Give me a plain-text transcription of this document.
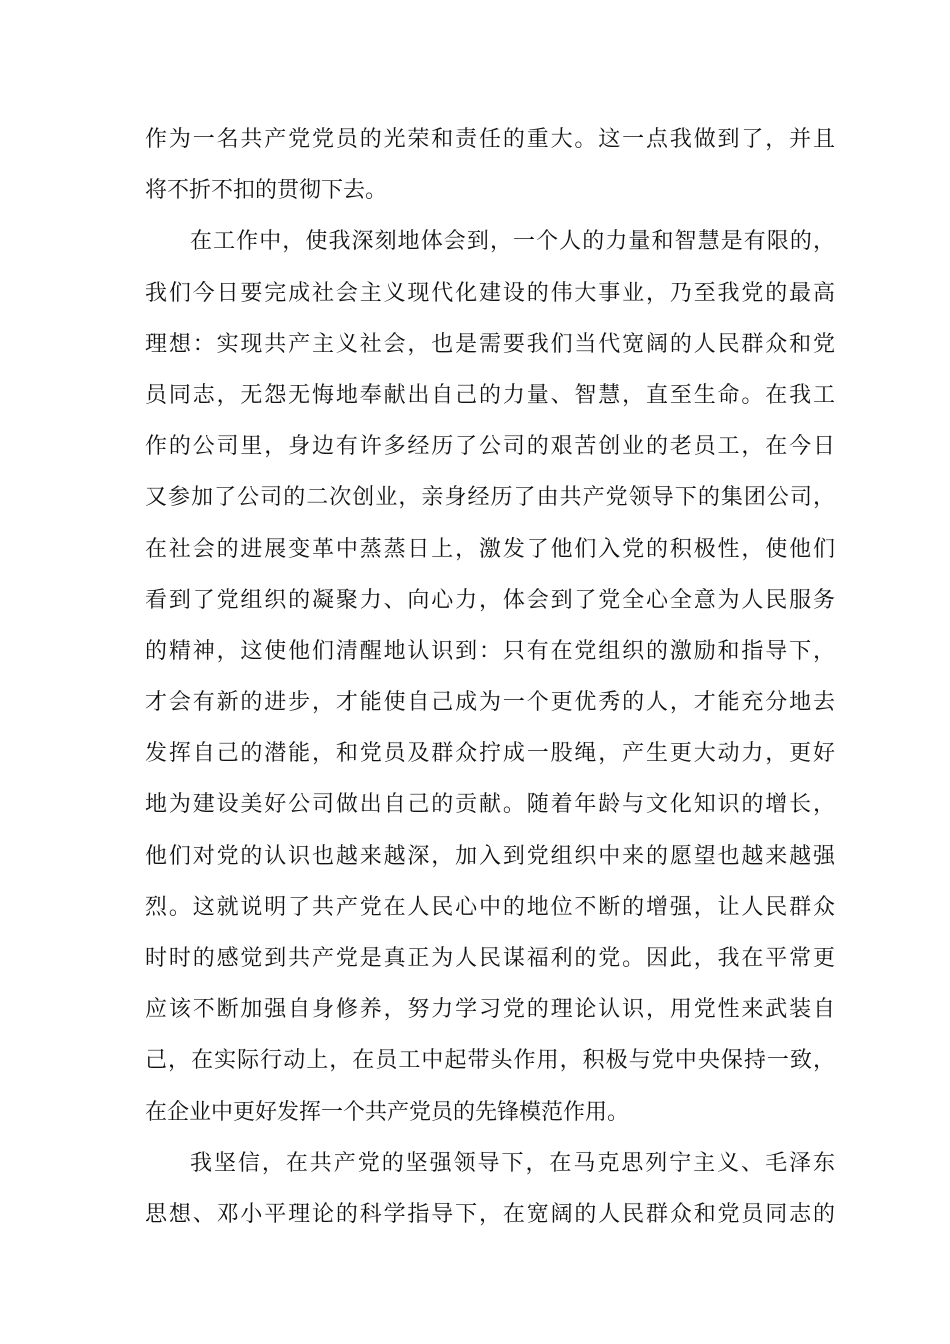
作为一名共产党党员的光荣和责任的重大。这一点我做到了，并且
将不折不扣的贯彻下去。
在工作中，使我深刻地体会到，一个人的力量和智慧是有限的，
我们今日要完成社会主义现代化建设的伟大事业，乃至我党的最高
理想：实现共产主义社会，也是需要我们当代宽阔的人民群众和党
员同志，无怨无悔地奉献出自己的力量、智慧，直至生命。在我工
作的公司里，身边有许多经历了公司的艰苦创业的老员工，在今日
又参加了公司的二次创业，亲身经历了由共产党领导下的集团公司，
在社会的进展变革中蒸蒸日上，激发了他们入党的积极性，使他们
看到了党组织的凝聚力、向心力，体会到了党全心全意为人民服务
的精神，这使他们清醒地认识到：只有在党组织的激励和指导下，
才会有新的进步，才能使自己成为一个更优秀的人，才能充分地去
发挥自己的潜能，和党员及群众拧成一股绳，产生更大动力，更好
地为建设美好公司做出自己的贡献。随着年龄与文化知识的增长，
他们对党的认识也越来越深，加入到党组织中来的愿望也越来越强
烈。这就说明了共产党在人民心中的地位不断的增强，让人民群众
时时的感觉到共产党是真正为人民谋福利的党。因此，我在平常更
应该不断加强自身修养，努力学习党的理论认识，用党性来武装自
己，在实际行动上，在员工中起带头作用，积极与党中央保持一致，
在企业中更好发挥一个共产党员的先锋模范作用。
我坚信，在共产党的坚强领导下，在马克思列宁主义、毛泽东
思想、邓小平理论的科学指导下，在宽阔的人民群众和党员同志的
